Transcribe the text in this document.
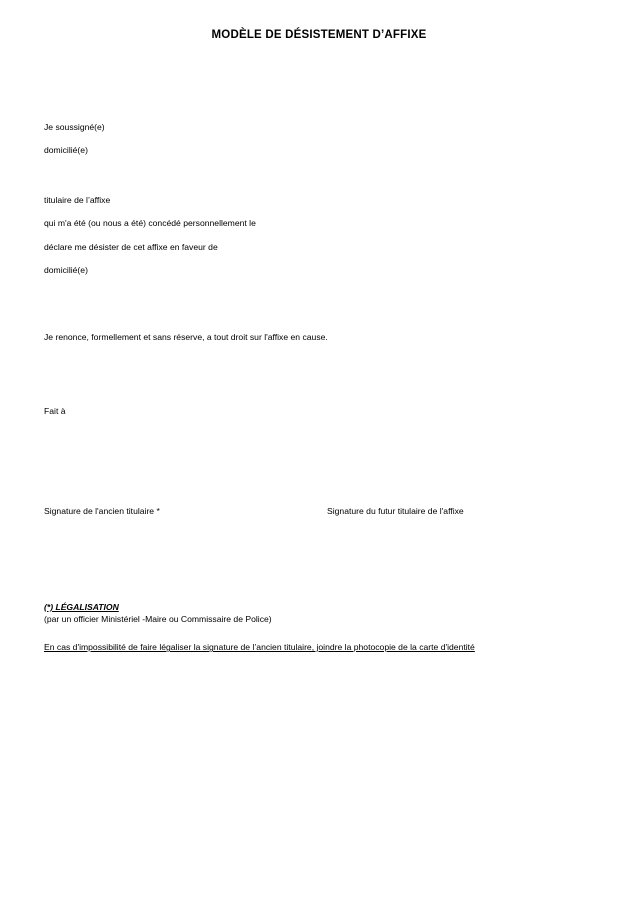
MODÈLE DE DÉSISTEMENT D’AFFIXE

Je soussigné(e)

domicilié(e)

titulaire de l’affixe

qui m'a été (ou nous a été) concédé personnellement le

déclare me désister de cet affixe en faveur de

domicilié(e)

Je renonce, formellement et sans réserve, a tout droit sur l'affixe en cause.

Fait à

Signature de l'ancien titulaire *	Signature du futur titulaire de l'affixe
(*) LÉGALISATION
(par un officier Ministériel -Maire ou Commissaire de Police)
En cas d'impossibilité de faire légaliser la signature de l’ancien titulaire, joindre la photocopie de la carte d'identité
